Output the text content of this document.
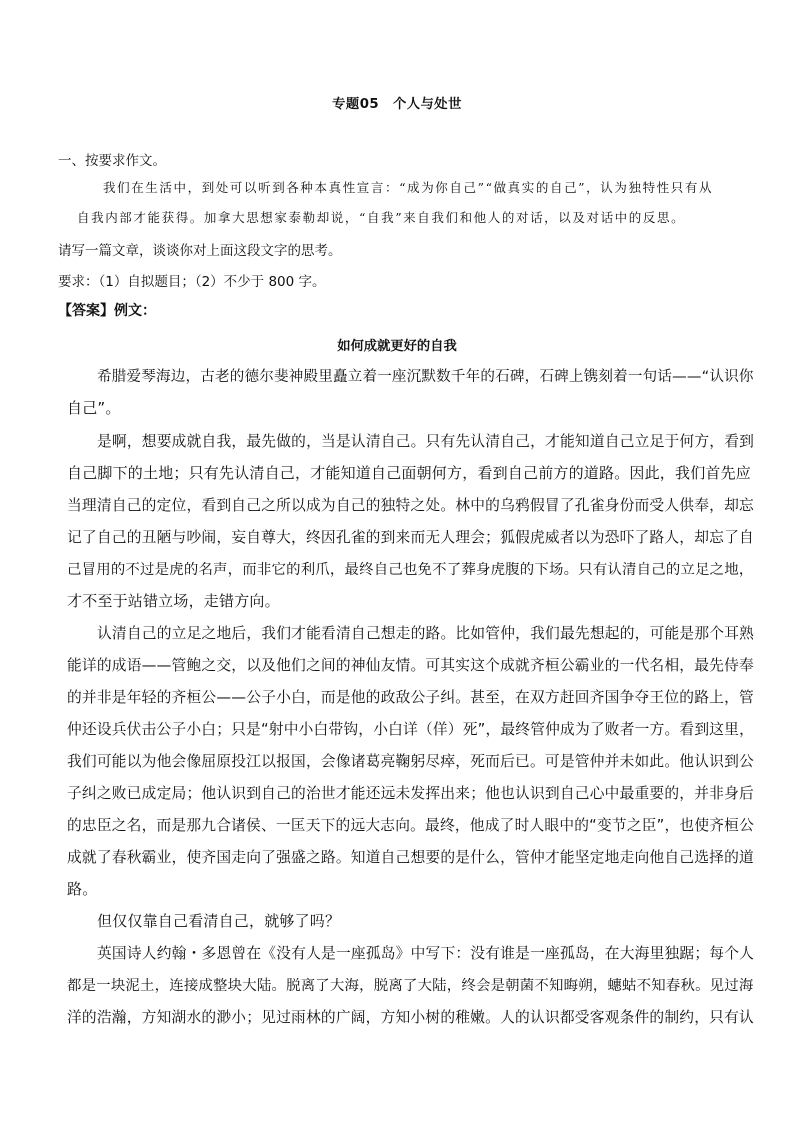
专题05　个人与处世
一、按要求作文。
我们在生活中，到处可以听到各种本真性宣言：“成为你自己”“做真实的自己”，认为独特性只有从
自我内部才能获得。加拿大思想家泰勒却说，“自我”来自我们和他人的对话，以及对话中的反思。
请写一篇文章，谈谈你对上面这段文字的思考。
要求：（1）自拟题目；（2）不少于 800 字。
【答案】例文：
如何成就更好的自我
希腊爱琴海边，古老的德尔斐神殿里矗立着一座沉默数千年的石碑，石碑上镌刻着一句话——“认识你
自己”。
是啊，想要成就自我，最先做的，当是认清自己。只有先认清自己，才能知道自己立足于何方，看到
自己脚下的土地；只有先认清自己，才能知道自己面朝何方，看到自己前方的道路。因此，我们首先应
当理清自己的定位，看到自己之所以成为自己的独特之处。林中的乌鸦假冒了孔雀身份而受人供奉，却忘
记了自己的丑陋与吵闹，妄自尊大，终因孔雀的到来而无人理会；狐假虎威者以为恐吓了路人，却忘了自
己冒用的不过是虎的名声，而非它的利爪，最终自己也免不了葬身虎腹的下场。只有认清自己的立足之地，
才不至于站错立场，走错方向。
认清自己的立足之地后，我们才能看清自己想走的路。比如管仲，我们最先想起的，可能是那个耳熟
能详的成语——管鲍之交，以及他们之间的神仙友情。可其实这个成就齐桓公霸业的一代名相，最先侍奉
的并非是年轻的齐桓公——公子小白，而是他的政敌公子纠。甚至，在双方赶回齐国争夺王位的路上，管
仲还设兵伏击公子小白；只是“射中小白带钩，小白详（佯）死”，最终管仲成为了败者一方。看到这里，
我们可能以为他会像屈原投江以报国，会像诸葛亮鞠躬尽瘁，死而后已。可是管仲并未如此。他认识到公
子纠之败已成定局；他认识到自己的治世才能还远未发挥出来；他也认识到自己心中最重要的，并非身后
的忠臣之名，而是那九合诸侯、一匡天下的远大志向。最终，他成了时人眼中的“变节之臣”，也使齐桓公
成就了春秋霸业，使齐国走向了强盛之路。知道自己想要的是什么，管仲才能坚定地走向他自己选择的道
路。
但仅仅靠自己看清自己，就够了吗？
英国诗人约翰・多恩曾在《没有人是一座孤岛》中写下：没有谁是一座孤岛，在大海里独踞；每个人
都是一块泥土，连接成整块大陆。脱离了大海，脱离了大陆，终会是朝菌不知晦朔，蟪蛄不知春秋。见过海
洋的浩瀚，方知湖水的渺小；见过雨林的广阔，方知小树的稚嫩。人的认识都受客观条件的制约，只有认
